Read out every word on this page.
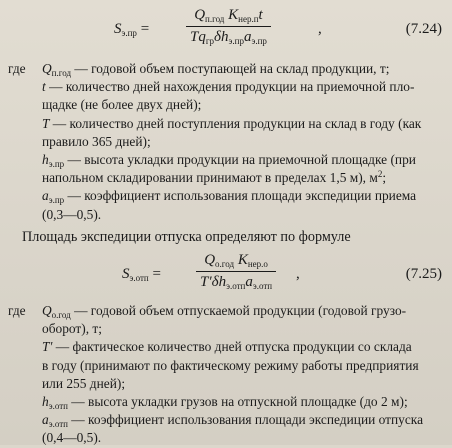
$S_{э.пр}$ =
$Q_{п.год}$ $K_{нер.п}t$
$Tq_{гр}\delta h_{э.пр}a_{э.пр}$
,	(7.24)
где $Q_{п.год}$ — годовой объем поступающей на склад продукции, т;
t — количество дней нахождения продукции на приемочной пло-
щадке (не более двух дней);
T — количество дней поступления продукции на склад в году (как
правило 365 дней);
$h_{э.пр}$ — высота укладки продукции на приемочной площадке (при
напольном складировании принимают в пределах 1,5 м), $м^2$;
$a_{э.пр}$ — коэффициент использования площади экспедиции приема
(0,3—0,5).
Площадь экспедиции отпуска определяют по формуле
$S_{э.отп}$ =
$Q_{о.год}$ $K_{нер.о}$
$T'\delta h_{э.отп}a_{э.отп}$
,	(7.25)
где $Q_{о.год}$ — годовой объем отпускаемой продукции (годовой грузо-
оборот), т;
T′ — фактическое количество дней отпуска продукции со склада
в году (принимают по фактическому режиму работы предприятия
или 255 дней);
$h_{э.отп}$ — высота укладки грузов на отпускной площадке (до 2 м);
$a_{э.отп}$ — коэффициент использования площади экспедиции отпуска
(0,4—0,5).
